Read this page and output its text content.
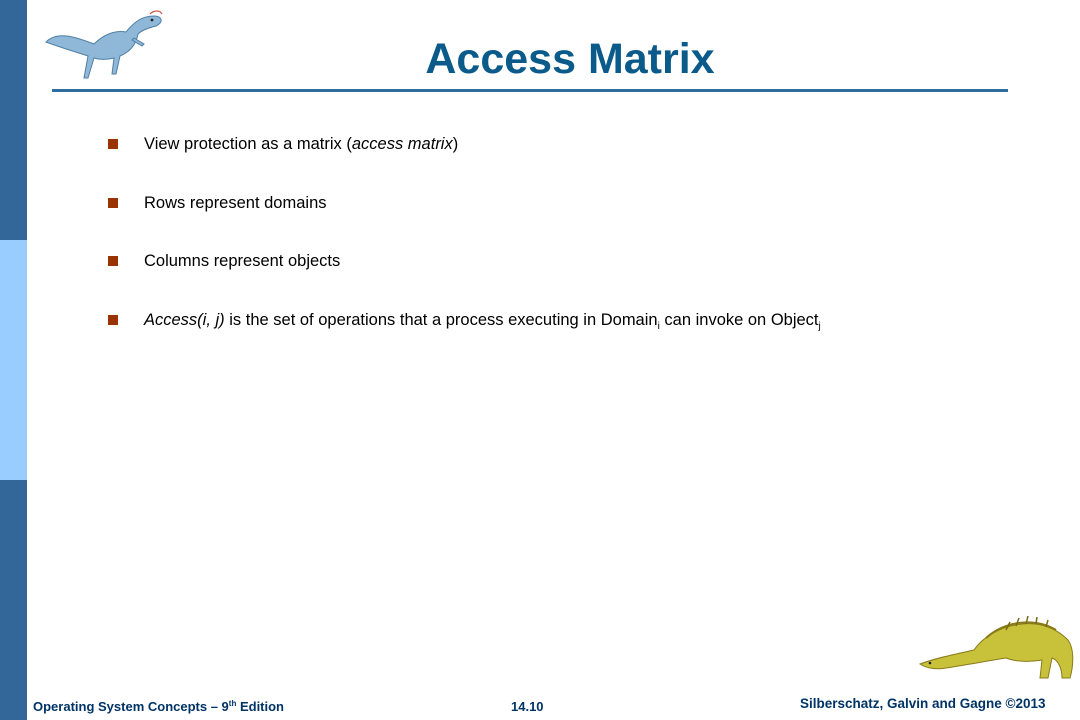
Access Matrix
View protection as a matrix (access matrix)
Rows represent domains
Columns represent objects
Access(i, j) is the set of operations that a process executing in Domain$_i$ can invoke on Object$_j$
Operating System Concepts – 9th Edition	14.10	Silberschatz, Galvin and Gagne ©2013
